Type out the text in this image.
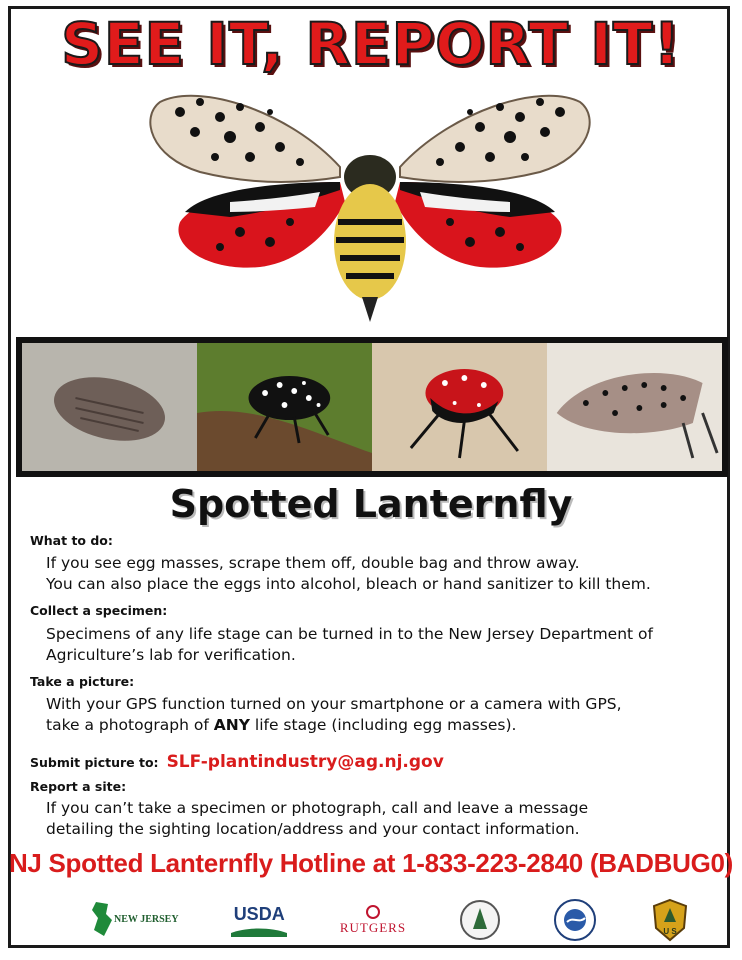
SEE IT, REPORT IT!
Spotted Lanternfly
What to do:
If you see egg masses, scrape them off, double bag and throw away.
You can also place the eggs into alcohol, bleach or hand sanitizer to kill them.
Collect a specimen:
Specimens of any life stage can be turned in to the New Jersey Department of
Agriculture’s lab for verification.
Take a picture:
With your GPS function turned on your smartphone or a camera with GPS,
take a photograph of ANY life stage (including egg masses).
Submit picture to: SLF-plantindustry@ag.nj.gov
Report a site:
If you can’t take a specimen or photograph, call and leave a message
detailing the sighting location/address and your contact information.
NJ Spotted Lanternfly Hotline at 1-833-223-2840 (BADBUG0)
NEW JERSEY	USDA
RUTGERS	U S
